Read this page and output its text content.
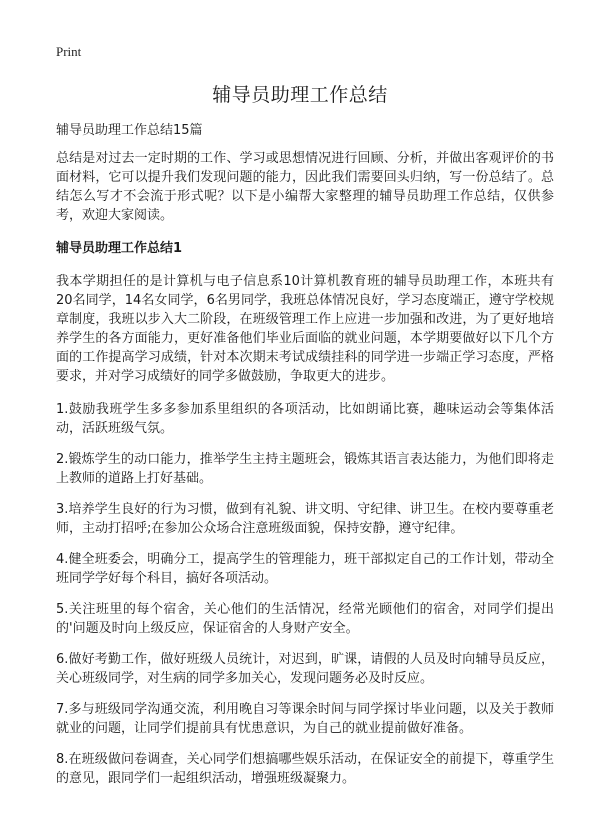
Print
辅导员助理工作总结
辅导员助理工作总结15篇

总结是对过去一定时期的工作、学习或思想情况进行回顾、分析，并做出客观评价的书面材料，它可以提升我们发现问题的能力，因此我们需要回头归纳，写一份总结了。总结怎么写才不会流于形式呢？以下是小编帮大家整理的辅导员助理工作总结，仅供参考，欢迎大家阅读。

辅导员助理工作总结1

我本学期担任的是计算机与电子信息系10计算机教育班的辅导员助理工作，本班共有20名同学，14名女同学，6名男同学，我班总体情况良好，学习态度端正，遵守学校规章制度，我班以步入大二阶段，在班级管理工作上应进一步加强和改进，为了更好地培养学生的各方面能力，更好准备他们毕业后面临的就业问题，本学期要做好以下几个方面的工作提高学习成绩，针对本次期末考试成绩挂科的同学进一步端正学习态度，严格要求，并对学习成绩好的同学多做鼓励，争取更大的进步。

1.鼓励我班学生多多参加系里组织的各项活动，比如朗诵比赛，趣味运动会等集体活动，活跃班级气氛。

2.锻炼学生的动口能力，推举学生主持主题班会，锻炼其语言表达能力，为他们即将走上教师的道路上打好基础。

3.培养学生良好的行为习惯，做到有礼貌、讲文明、守纪律、讲卫生。在校内要尊重老师，主动打招呼;在参加公众场合注意班级面貌，保持安静，遵守纪律。

4.健全班委会，明确分工，提高学生的管理能力，班干部拟定自己的工作计划，带动全班同学学好每个科目，搞好各项活动。

5.关注班里的每个宿舍，关心他们的生活情况，经常光顾他们的宿舍，对同学们提出的'问题及时向上级反应，保证宿舍的人身财产安全。

6.做好考勤工作，做好班级人员统计，对迟到，旷课，请假的人员及时向辅导员反应，关心班级同学，对生病的同学多加关心，发现问题务必及时反应。

7.多与班级同学沟通交流，利用晚自习等课余时间与同学探讨毕业问题，以及关于教师就业的问题，让同学们提前具有忧患意识，为自己的就业提前做好准备。

8.在班级做问卷调查，关心同学们想搞哪些娱乐活动，在保证安全的前提下，尊重学生的意见，跟同学们一起组织活动，增强班级凝聚力。
